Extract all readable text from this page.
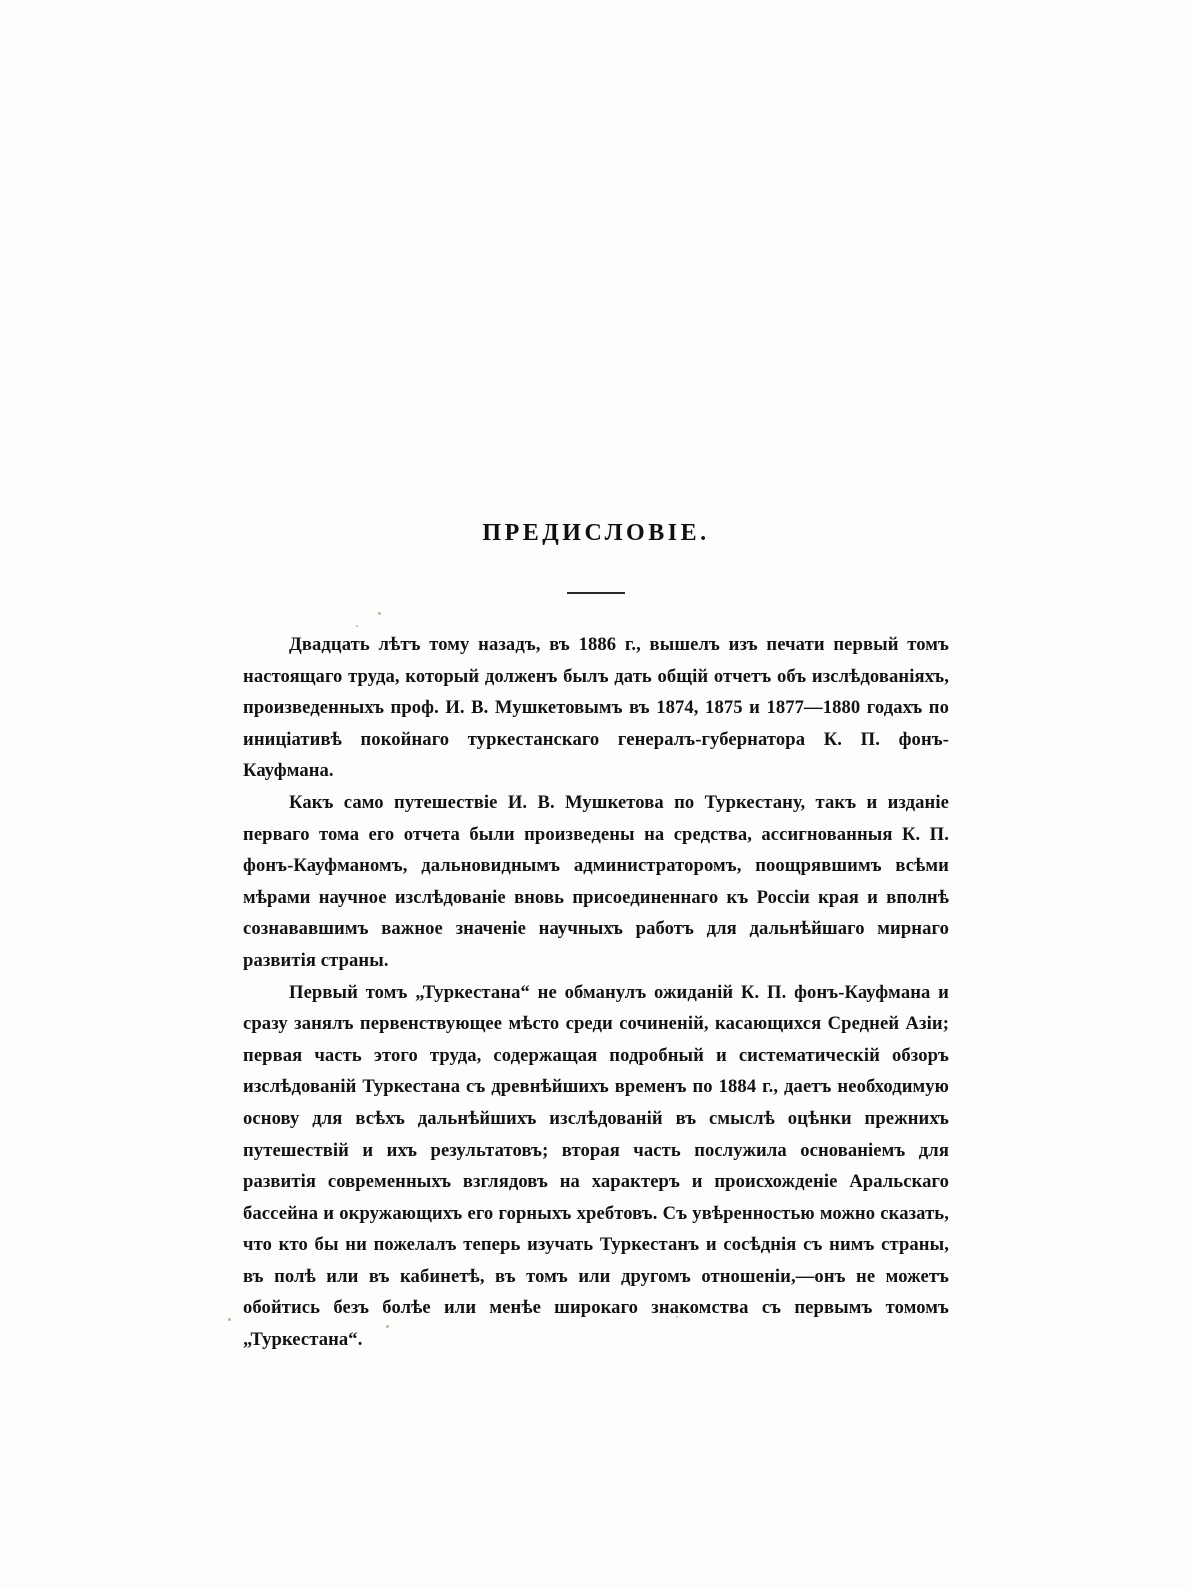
ПРЕДИСЛОВІЕ.

Двадцать лѣтъ тому назадъ, въ 1886 г., вышелъ изъ печати первый томъ настоящаго труда, который долженъ былъ дать общій отчетъ объ изслѣдованіяхъ, произведенныхъ проф. И. В. Мушкетовымъ въ 1874, 1875 и 1877—1880 годахъ по иниціативѣ покойнаго туркестанскаго генералъ-губернатора К. П. фонъ-Кауфмана.

Какъ само путешествіе И. В. Мушкетова по Туркестану, такъ и изданіе перваго тома его отчета были произведены на средства, ассигнованныя К. П. фонъ-Кауфманомъ, дальновиднымъ администраторомъ, поощрявшимъ всѣми мѣрами научное изслѣдованіе вновь присоединеннаго къ Россіи края и вполнѣ сознававшимъ важное значеніе научныхъ работъ для дальнѣйшаго мирнаго развитія страны.

Первый томъ „Туркестана“ не обманулъ ожиданій К. П. фонъ-Кауфмана и сразу занялъ первенствующее мѣсто среди сочиненій, касающихся Средней Азіи; первая часть этого труда, содержащая подробный и систематическій обзоръ изслѣдованій Туркестана съ древнѣйшихъ временъ по 1884 г., даетъ необходимую основу для всѣхъ дальнѣйшихъ изслѣдованій въ смыслѣ оцѣнки прежнихъ путешествій и ихъ результатовъ; вторая часть послужила основаніемъ для развитія современныхъ взглядовъ на характеръ и происхожденіе Аральскаго бассейна и окружающихъ его горныхъ хребтовъ. Съ увѣренностью можно сказать, что кто бы ни пожелалъ теперь изучать Туркестанъ и сосѣднія съ нимъ страны, въ полѣ или въ кабинетѣ, въ томъ или другомъ отношеніи,—онъ не можетъ обойтись безъ болѣе или менѣе широкаго знакомства съ первымъ томомъ „Туркестана“.
